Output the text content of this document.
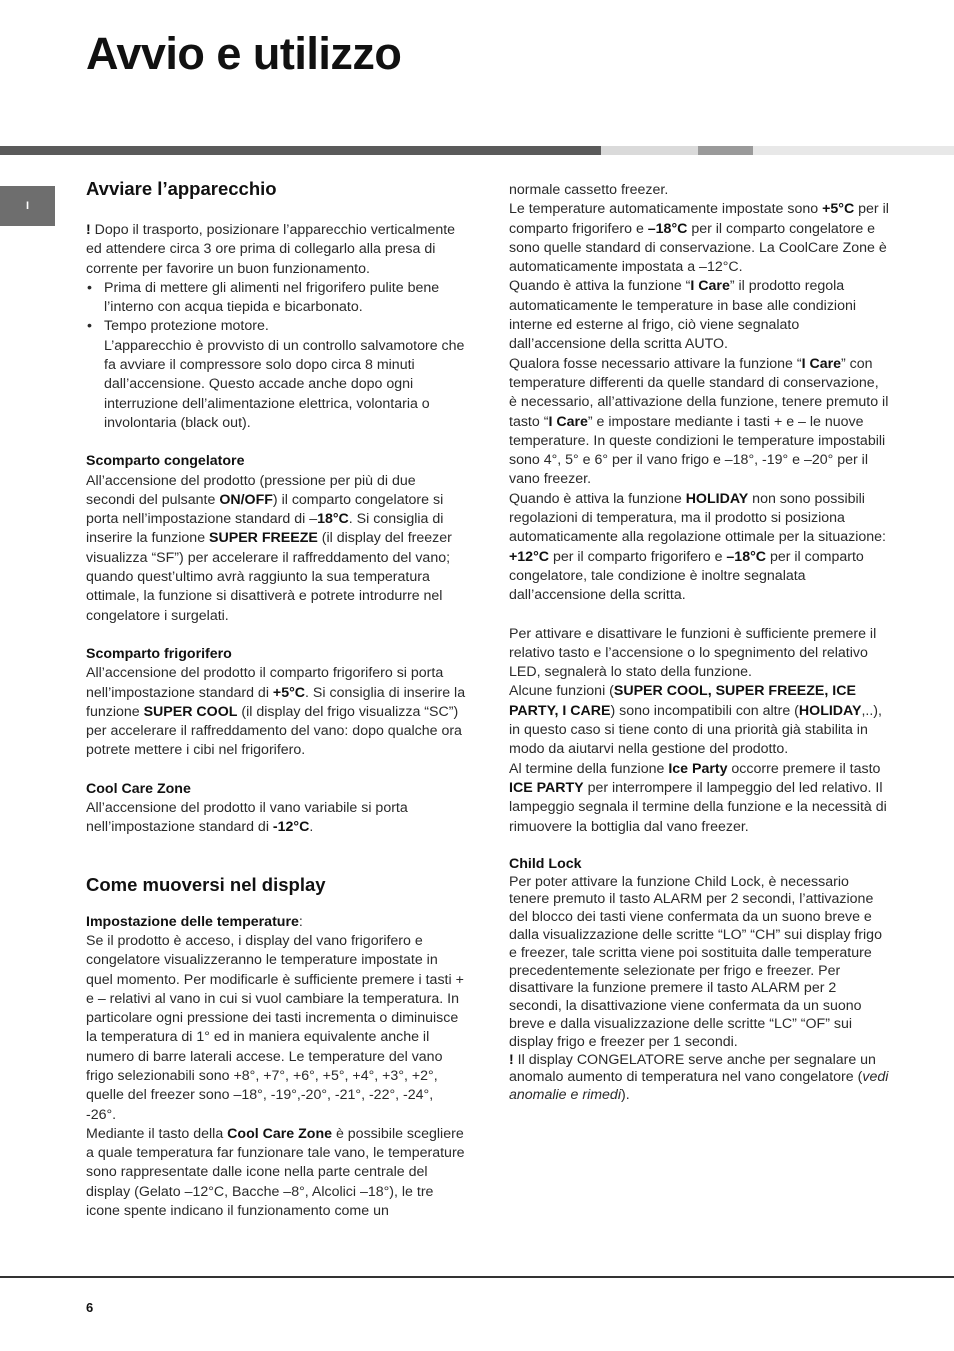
Avvio e utilizzo
I
Avviare l’apparecchio

! Dopo il trasporto, posizionare l’apparecchio verticalmente ed attendere circa 3 ore prima di collegarlo alla presa di corrente per favorire un buon funzionamento.

• Prima di mettere gli alimenti nel frigorifero pulite bene l’interno con acqua tiepida e bicarbonato.
• Tempo protezione motore.
L’apparecchio è provvisto di un controllo salvamotore che fa avviare il compressore solo dopo circa 8 minuti dall’accensione. Questo accade anche dopo ogni interruzione dell’alimentazione elettrica, volontaria o involontaria (black out).
Scomparto congelatore

All’accensione del prodotto (pressione per più di due secondi del pulsante ON/OFF) il comparto congelatore si porta nell’impostazione standard di –18°C. Si consiglia di inserire la funzione SUPER FREEZE (il display del freezer visualizza “SF”) per accelerare il raffreddamento del vano; quando quest’ultimo avrà raggiunto la sua temperatura ottimale, la funzione si disattiverà e potrete introdurre nel congelatore i surgelati.

Scomparto frigorifero

All’accensione del prodotto il comparto frigorifero si porta nell’impostazione standard di +5°C. Si consiglia di inserire la funzione SUPER COOL (il display del frigo visualizza “SC”) per accelerare il raffreddamento del vano: dopo qualche ora potrete mettere i cibi nel frigorifero.

Cool Care Zone

All’accensione del prodotto il vano variabile si porta nell’impostazione standard di -12°C.

Come muoversi nel display

Impostazione delle temperature:
Se il prodotto è acceso, i display del vano frigorifero e congelatore visualizzeranno le temperature impostate in quel momento. Per modificarle è sufficiente premere i tasti + e – relativi al vano in cui si vuol cambiare la temperatura. In particolare ogni pressione dei tasti incrementa o diminuisce la temperatura di 1° ed in maniera equivalente anche il numero di barre laterali accese. Le temperature del vano frigo selezionabili sono +8°, +7°, +6°, +5°, +4°, +3°, +2°, quelle del freezer sono –18°, -19°,-20°, -21°, -22°, -24°, -26°.

Mediante il tasto della Cool Care Zone è possibile scegliere a quale temperatura far funzionare tale vano, le temperature sono rappresentate dalle icone nella parte centrale del display (Gelato –12°C, Bacche –8°, Alcolici –18°), le tre icone spente indicano il funzionamento come un

normale cassetto freezer.

Le temperature automaticamente impostate sono +5°C per il comparto frigorifero e –18°C per il comparto congelatore e sono quelle standard di conservazione. La CoolCare Zone è automaticamente impostata a –12°C.

Quando è attiva la funzione “I Care” il prodotto regola automaticamente le temperature in base alle condizioni interne ed esterne al frigo, ciò viene segnalato dall’accensione della scritta AUTO.

Qualora fosse necessario attivare la funzione “I Care” con temperature differenti da quelle standard di conservazione, è necessario, all’attivazione della funzione, tenere premuto il tasto “I Care” e impostare mediante i tasti + e – le nuove temperature. In queste condizioni le temperature impostabili sono 4°, 5° e 6° per il vano frigo e –18°, -19° e –20° per il vano freezer.

Quando è attiva la funzione HOLIDAY non sono possibili regolazioni di temperatura, ma il prodotto si posiziona automaticamente alla regolazione ottimale per la situazione: +12°C per il comparto frigorifero e –18°C per il comparto congelatore, tale condizione è inoltre segnalata dall’accensione della scritta.

Per attivare e disattivare le funzioni è sufficiente premere il relativo tasto e l’accensione o lo spegnimento del relativo LED, segnalerà lo stato della funzione.

Alcune funzioni (SUPER COOL, SUPER FREEZE, ICE PARTY, I CARE) sono incompatibili con altre (HOLIDAY,..), in questo caso si tiene conto di una priorità già stabilita in modo da aiutarvi nella gestione del prodotto.

Al termine della funzione Ice Party occorre premere il tasto ICE PARTY per interrompere il lampeggio del led relativo. Il lampeggio segnala il termine della funzione e la necessità di rimuovere la bottiglia dal vano freezer.

Child Lock

Per poter attivare la funzione Child Lock, è necessario tenere premuto il tasto ALARM per 2 secondi, l’attivazione del blocco dei tasti viene confermata da un suono breve e dalla visualizzazione delle scritte “LO” “CH” sui display frigo e freezer, tale scritta viene poi sostituita dalle temperature precedentemente selezionate per frigo e freezer. Per disattivare la funzione premere il tasto ALARM per 2 secondi, la disattivazione viene confermata da un suono breve e dalla visualizzazione delle scritte “LC” “OF” sui display frigo e freezer per 1 secondi.

! Il display CONGELATORE serve anche per segnalare un anomalo aumento di temperatura nel vano congelatore (vedi anomalie e rimedi).

6
